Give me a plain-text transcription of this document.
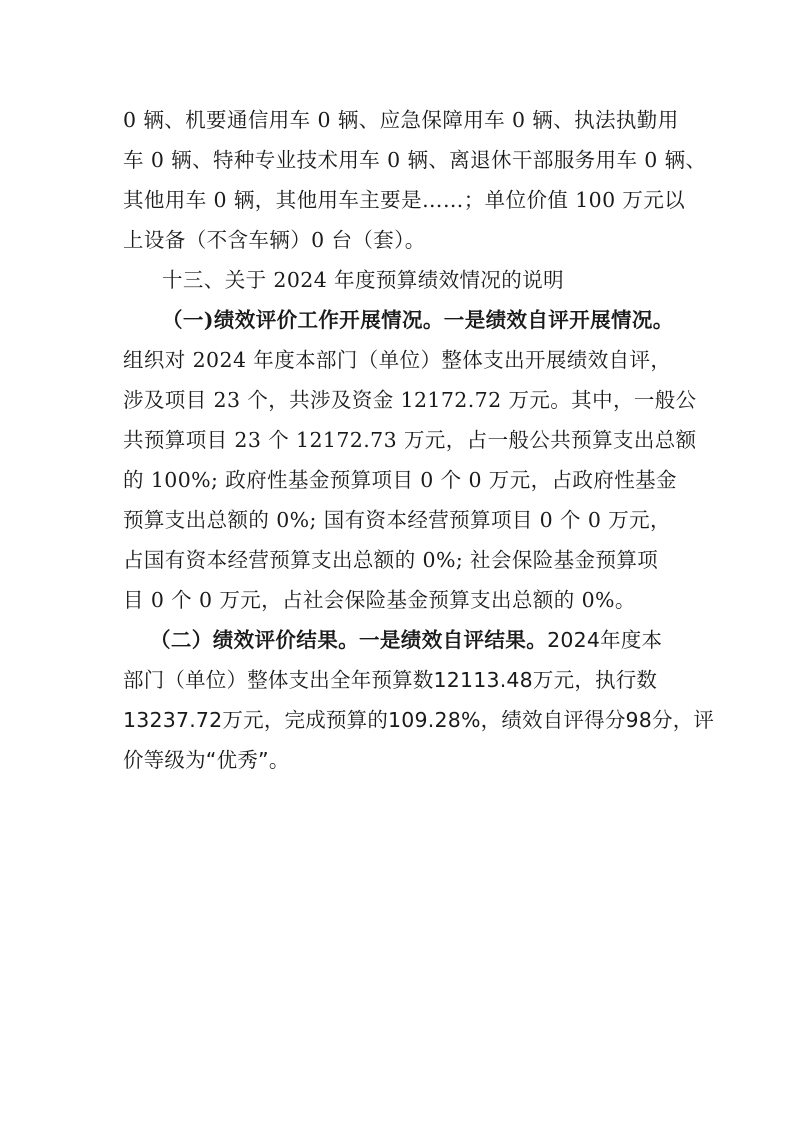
0 辆、机要通信用车 0 辆、应急保障用车 0 辆、执法执勤用
车 0 辆、特种专业技术用车 0 辆、离退休干部服务用车 0 辆、
其他用车 0 辆，其他用车主要是……；单位价值 100 万元以
上设备（不含车辆）0 台（套）。
十三、关于 2024 年度预算绩效情况的说明
（一)绩效评价工作开展情况。一是绩效自评开展情况。
组织对 2024 年度本部门（单位）整体支出开展绩效自评，
涉及项目 23 个，共涉及资金 12172.72 万元。其中，一般公
共预算项目 23 个 12172.73 万元，占一般公共预算支出总额
的 100%; 政府性基金预算项目 0 个 0 万元，占政府性基金
预算支出总额的 0%; 国有资本经营预算项目 0 个 0 万元，
占国有资本经营预算支出总额的 0%; 社会保险基金预算项
目 0 个 0 万元，占社会保险基金预算支出总额的 0%。
（二）绩效评价结果。一是绩效自评结果。2024年度本
部门（单位）整体支出全年预算数12113.48万元，执行数
13237.72万元，完成预算的109.28%，绩效自评得分98分，评
价等级为“优秀”。
